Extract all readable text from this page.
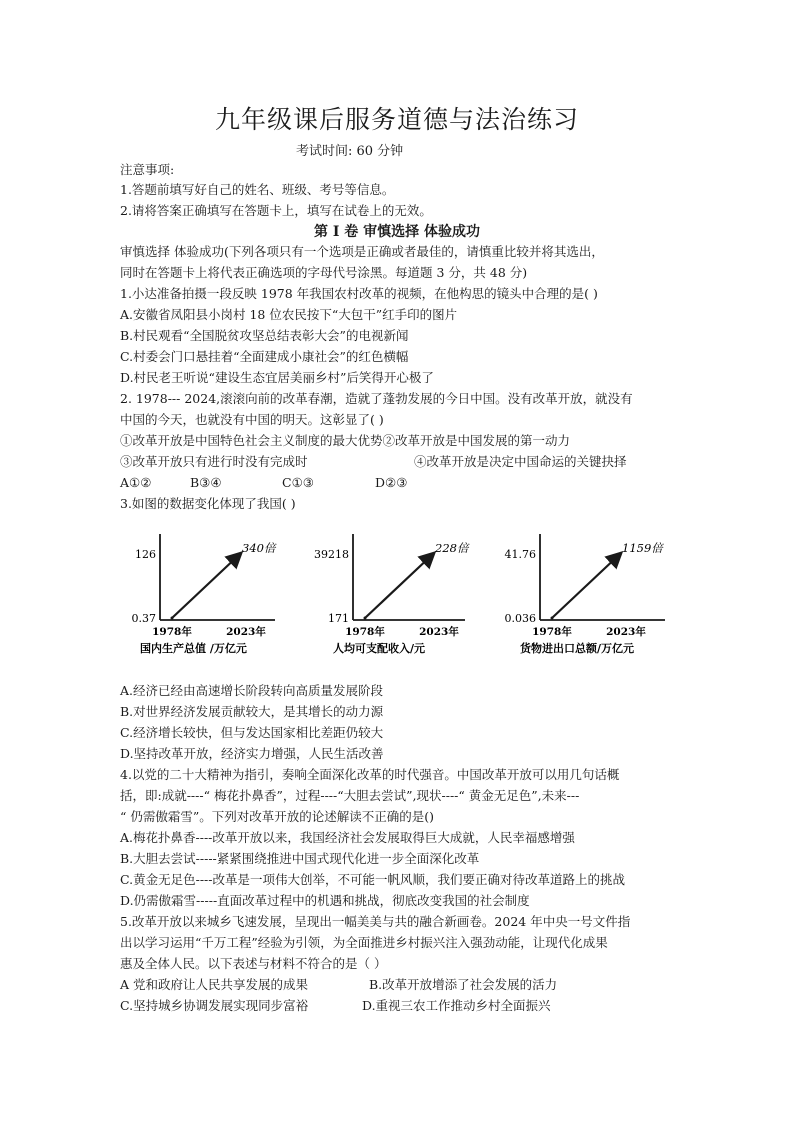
九年级课后服务道德与法治练习
考试时间: 60 分钟
注意事项:
1.答题前填写好自己的姓名、班级、考号等信息。
2.请将答案正确填写在答题卡上，填写在试卷上的无效。
第 I 卷 审慎选择 体验成功
审慎选择 体验成功(下列各项只有一个选项是正确或者最佳的，请慎重比较并将其选出，
同时在答题卡上将代表正确选项的字母代号涂黑。每道题 3 分，共 48 分)
1.小达准备拍摄一段反映 1978 年我国农村改革的视频，在他构思的镜头中合理的是( )
A.安徽省凤阳县小岗村 18 位农民按下“大包干”红手印的图片
B.村民观看“全国脱贫攻坚总结表彰大会”的电视新闻
C.村委会门口悬挂着“全面建成小康社会”的红色横幅
D.村民老王听说“建设生态宜居美丽乡村”后笑得开心极了
2. 1978--- 2024,滚滚向前的改革春潮，造就了蓬勃发展的今日中国。没有改革开放，就没有
中国的今天，也就没有中国的明天。这彰显了( )
①改革开放是中国特色社会主义制度的最大优势②改革开放是中国发展的第一动力
③改革开放只有进行时没有完成时	④改革开放是决定中国命运的关键抉择
A①②	B③④	C①③	D②③
3.如图的数据变化体现了我国( )
126
0.37
340倍
1978年	2023年
国内生产总值 /万亿元
39218
171
228倍
1978年	2023年
人均可支配收入/元
41.76
0.036
1159倍
1978年	2023年
货物进出口总额/万亿元
A.经济已经由高速增长阶段转向高质量发展阶段
B.对世界经济发展贡献较大，是其增长的动力源
C.经济增长较快，但与发达国家相比差距仍较大
D.坚持改革开放，经济实力增强，人民生活改善
4.以党的二十大精神为指引，奏响全面深化改革的时代强音。中国改革开放可以用几句话概
括，即:成就----“ 梅花扑鼻香”，过程----“大胆去尝试”,现状----“ 黄金无足色”,未来---
“ 仍需傲霜雪”。下列对改革开放的论述解读不正确的是()
A.梅花扑鼻香----改革开放以来，我国经济社会发展取得巨大成就，人民幸福感增强
B.大胆去尝试-----紧紧围绕推进中国式现代化进一步全面深化改革
C.黄金无足色----改革是一项伟大创举，不可能一帆风顺，我们要正确对待改革道路上的挑战
D.仍需傲霜雪-----直面改革过程中的机遇和挑战，彻底改变我国的社会制度
5.改革开放以来城乡飞速发展，呈现出一幅美美与共的融合新画卷。2024 年中央一号文件指
出以学习运用“千万工程”经验为引领，为全面推进乡村振兴注入强劲动能，让现代化成果
惠及全体人民。以下表述与材料不符合的是（ ）
A 党和政府让人民共享发展的成果	B.改革开放增添了社会发展的活力
C.坚持城乡协调发展实现同步富裕	D.重视三农工作推动乡村全面振兴
